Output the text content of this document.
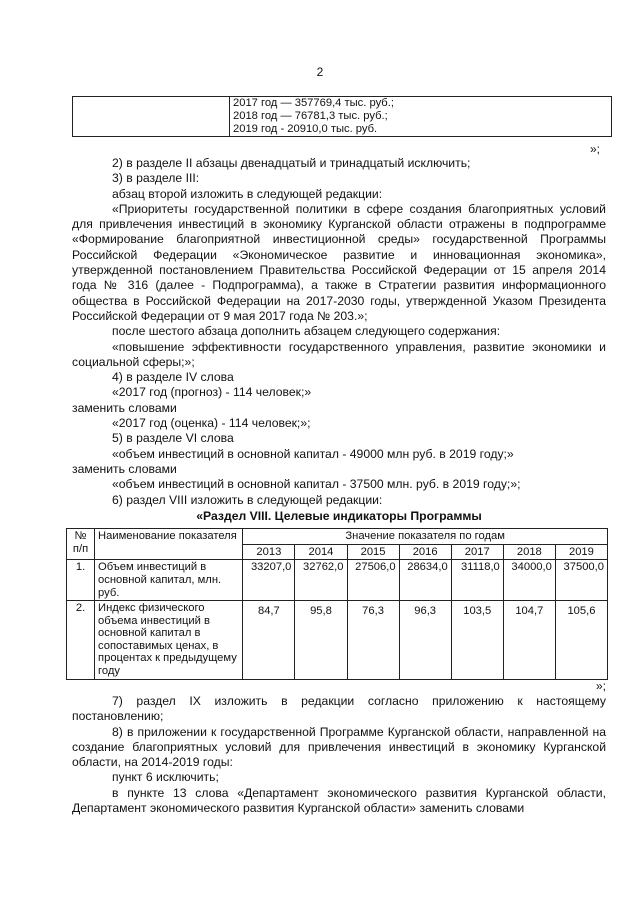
2
	2017 год — 357769,4 тыс. руб.;
	2018 год — 76781,3 тыс. руб.;
	2019 год - 20910,0 тыс. руб.
»;

2) в разделе II абзацы двенадцатый и тринадцатый исключить;

3) в разделе III:

абзац второй изложить в следующей редакции:

«Приоритеты государственной политики в сфере создания благоприятных условий для привлечения инвестиций в экономику Курганской области отражены в подпрограмме «Формирование благоприятной инвестиционной среды» государственной Программы Российской Федерации «Экономическое развитие и инновационная экономика», утвержденной постановлением Правительства Российской Федерации от 15 апреля 2014 года № 316 (далее - Подпрограмма), а также в Стратегии развития информационного общества в Российской Федерации на 2017-2030 годы, утвержденной Указом Президента Российской Федерации от 9 мая 2017 года № 203.»;

после шестого абзаца дополнить абзацем следующего содержания:

«повышение эффективности государственного управления, развитие экономики и социальной сферы;»;

4) в разделе IV слова

«2017 год (прогноз) - 114 человек;»

заменить словами

«2017 год (оценка) - 114 человек;»;

5) в разделе VI слова

«объем инвестиций в основной капитал - 49000 млн руб. в 2019 году;»

заменить словами

«объем инвестиций в основной капитал - 37500 млн. руб. в 2019 году;»;

6) раздел VIII изложить в следующей редакции:

«Раздел VIII. Целевые индикаторы Программы

№ п/п	Наименование показателя	Значение показателя по годам						
		2013	2014	2015	2016	2017	2018	2019
1.	Объем инвестиций в основной капитал, млн. руб.	33207,0	32762,0	27506,0	28634,0	31118,0	34000,0	37500,0
2.	Индекс физического объема инвестиций в основной капитал в сопоставимых ценах, в процентах к предыдущему году	84,7	95,8	76,3	96,3	103,5	104,7	105,6
»;

7) раздел IX изложить в редакции согласно приложению к настоящему постановлению;

8) в приложении к государственной Программе Курганской области, направленной на создание благоприятных условий для привлечения инвестиций в экономику Курганской области, на 2014-2019 годы:

пункт 6 исключить;

в пункте 13 слова «Департамент экономического развития Курганской области, Департамент экономического развития Курганской области» заменить словами
